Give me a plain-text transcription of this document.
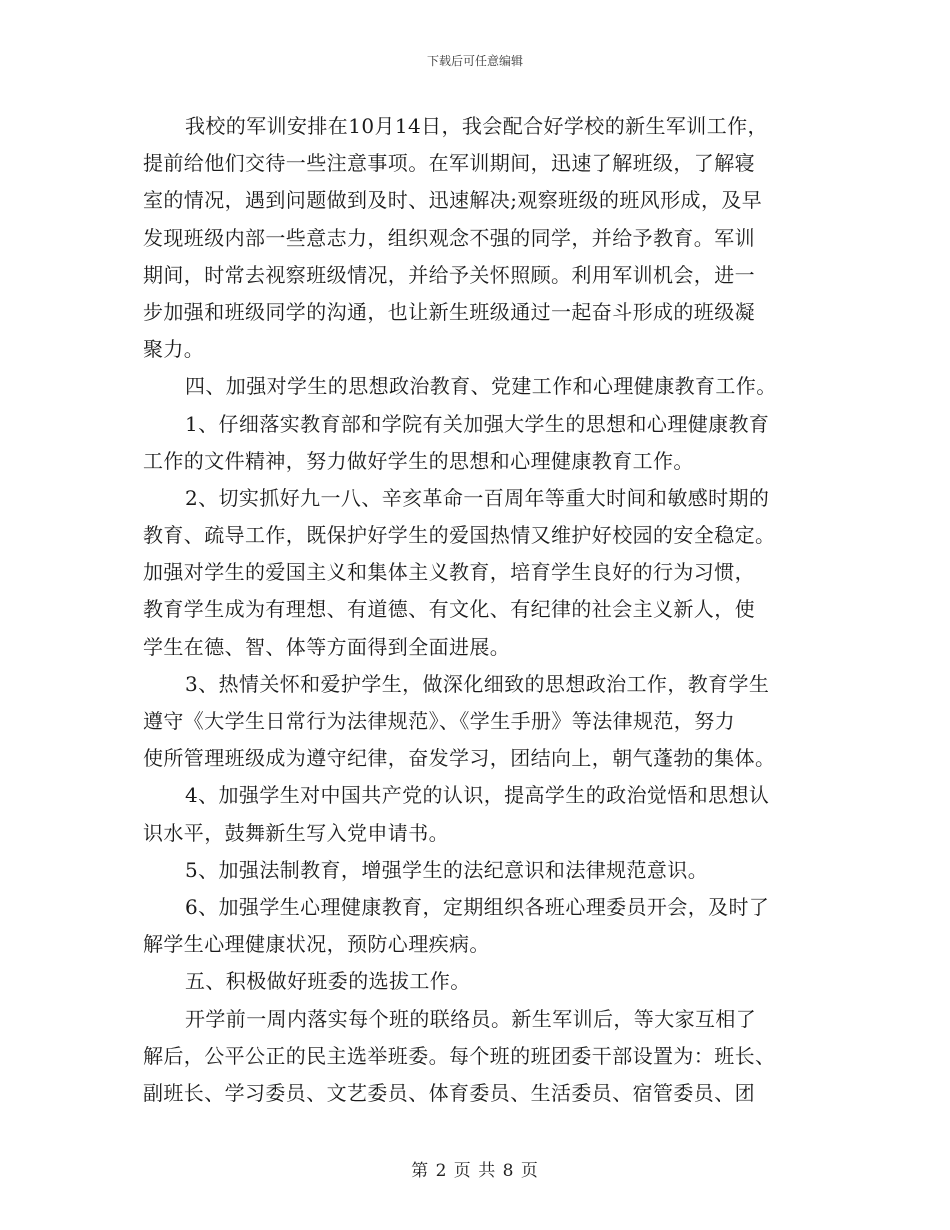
下载后可任意编辑
我校的军训安排在10月14日，我会配合好学校的新生军训工作，
提前给他们交待一些注意事项。在军训期间，迅速了解班级，了解寝
室的情况，遇到问题做到及时、迅速解决;观察班级的班风形成，及早
发现班级内部一些意志力，组织观念不强的同学，并给予教育。军训
期间，时常去视察班级情况，并给予关怀照顾。利用军训机会，进一
步加强和班级同学的沟通，也让新生班级通过一起奋斗形成的班级凝
聚力。
四、加强对学生的思想政治教育、党建工作和心理健康教育工作。
1、仔细落实教育部和学院有关加强大学生的思想和心理健康教育
工作的文件精神，努力做好学生的思想和心理健康教育工作。
2、切实抓好九一八、辛亥革命一百周年等重大时间和敏感时期的
教育、疏导工作，既保护好学生的爱国热情又维护好校园的安全稳定。
加强对学生的爱国主义和集体主义教育，培育学生良好的行为习惯，
教育学生成为有理想、有道德、有文化、有纪律的社会主义新人，使
学生在德、智、体等方面得到全面进展。
3、热情关怀和爱护学生，做深化细致的思想政治工作，教育学生
遵守《大学生日常行为法律规范》、《学生手册》等法律规范，努力
使所管理班级成为遵守纪律，奋发学习，团结向上，朝气蓬勃的集体。
4、加强学生对中国共产党的认识，提高学生的政治觉悟和思想认
识水平，鼓舞新生写入党申请书。
5、加强法制教育，增强学生的法纪意识和法律规范意识。
6、加强学生心理健康教育，定期组织各班心理委员开会，及时了
解学生心理健康状况，预防心理疾病。
五、积极做好班委的选拔工作。
开学前一周内落实每个班的联络员。新生军训后，等大家互相了
解后，公平公正的民主选举班委。每个班的班团委干部设置为：班长、
副班长、学习委员、文艺委员、体育委员、生活委员、宿管委员、团
第 2 页 共 8 页
